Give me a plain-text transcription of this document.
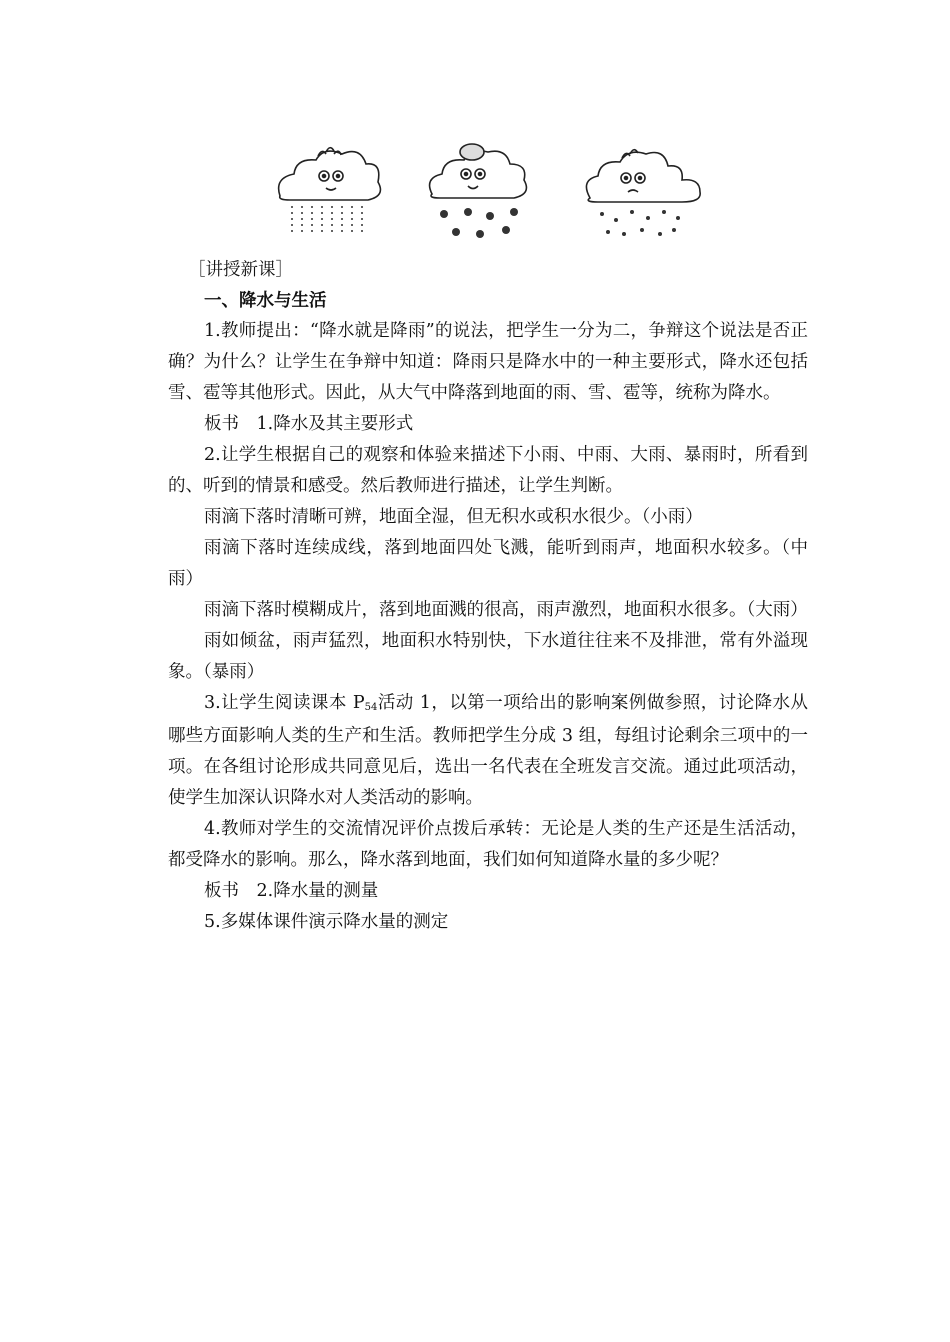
［讲授新课］
一、降水与生活

1.教师提出：“降水就是降雨”的说法，把学生一分为二，争辩这个说法是否正确？为什么？让学生在争辩中知道：降雨只是降水中的一种主要形式，降水还包括雪、雹等其他形式。因此，从大气中降落到地面的雨、雪、雹等，统称为降水。

板书　1.降水及其主要形式

2.让学生根据自己的观察和体验来描述下小雨、中雨、大雨、暴雨时，所看到的、听到的情景和感受。然后教师进行描述，让学生判断。

雨滴下落时清晰可辨，地面全湿，但无积水或积水很少。（小雨）

雨滴下落时连续成线，落到地面四处飞溅，能听到雨声，地面积水较多。（中雨）

雨滴下落时模糊成片，落到地面溅的很高，雨声激烈，地面积水很多。（大雨）

雨如倾盆，雨声猛烈，地面积水特别快，下水道往往来不及排泄，常有外溢现象。（暴雨）

3.让学生阅读课本 $P_{54}$活动 1，以第一项给出的影响案例做参照，讨论降水从哪些方面影响人类的生产和生活。教师把学生分成 3 组，每组讨论剩余三项中的一项。在各组讨论形成共同意见后，选出一名代表在全班发言交流。通过此项活动，使学生加深认识降水对人类活动的影响。

4.教师对学生的交流情况评价点拨后承转：无论是人类的生产还是生活活动，都受降水的影响。那么，降水落到地面，我们如何知道降水量的多少呢？

板书　2.降水量的测量

5.多媒体课件演示降水量的测定
